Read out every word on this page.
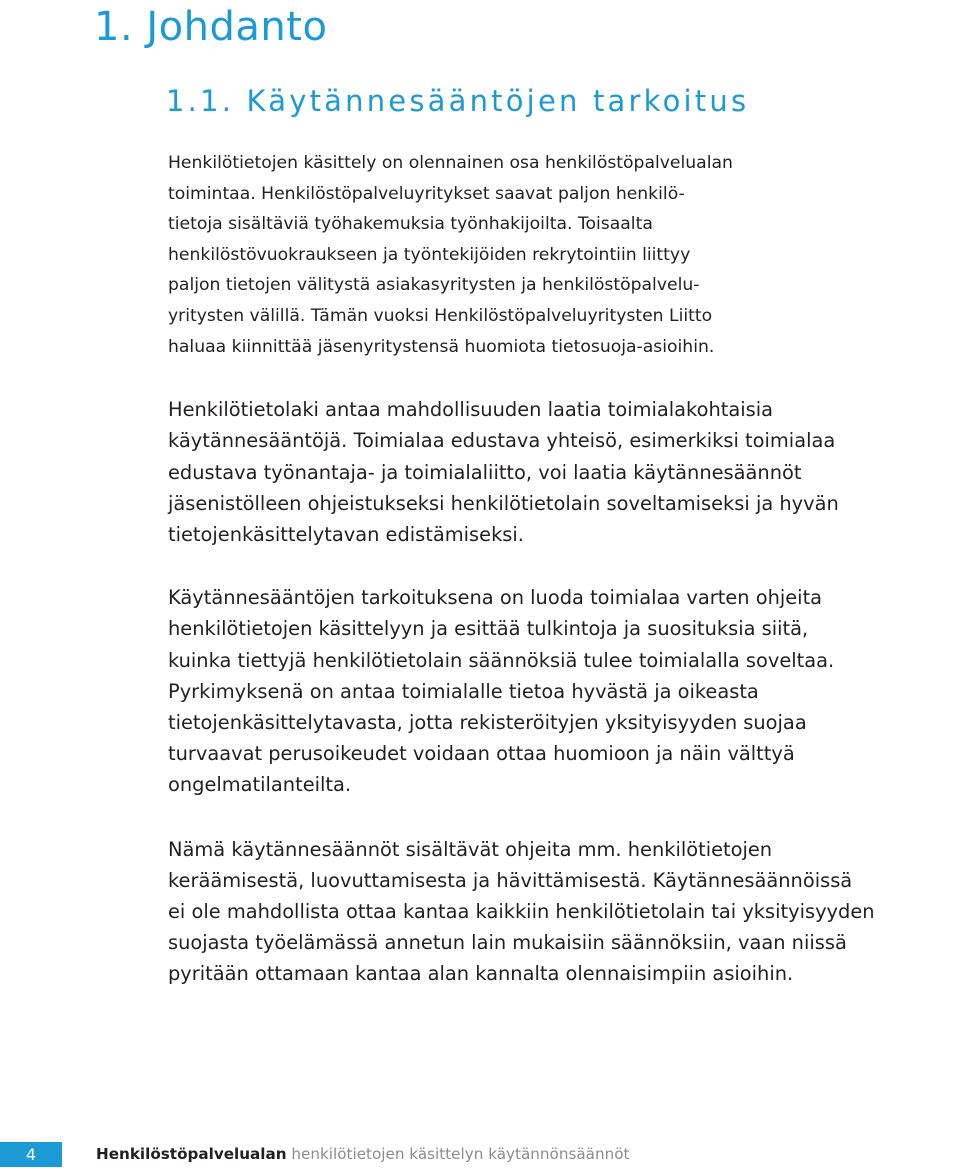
1. Johdanto
1.1. Käytännesääntöjen tarkoitus

Henkilötietojen käsittely on olennainen osa henkilöstöpalvelualan
toimintaa. Henkilöstöpalveluyritykset saavat paljon henkilö-
tietoja sisältäviä työhakemuksia työnhakijoilta. Toisaalta
henkilöstövuokraukseen ja työntekijöiden rekrytointiin liittyy
paljon tietojen välitystä asiakasyritysten ja henkilöstöpalvelu-
yritysten välillä. Tämän vuoksi Henkilöstöpalveluyritysten Liitto
haluaa kiinnittää jäsenyritystensä huomiota tietosuoja-asioihin.

Henkilötietolaki antaa mahdollisuuden laatia toimialakohtaisia
käytännesääntöjä. Toimialaa edustava yhteisö, esimerkiksi toimialaa
edustava työnantaja- ja toimialaliitto, voi laatia käytännesäännöt
jäsenistölleen ohjeistukseksi henkilötietolain soveltamiseksi ja hyvän
tietojenkäsittelytavan edistämiseksi.

Käytännesääntöjen tarkoituksena on luoda toimialaa varten ohjeita
henkilötietojen käsittelyyn ja esittää tulkintoja ja suosituksia siitä,
kuinka tiettyjä henkilötietolain säännöksiä tulee toimialalla soveltaa.
Pyrkimyksenä on antaa toimialalle tietoa hyvästä ja oikeasta
tietojenkäsittelytavasta, jotta rekisteröityjen yksityisyyden suojaa
turvaavat perusoikeudet voidaan ottaa huomioon ja näin välttyä
ongelmatilanteilta.

Nämä käytännesäännöt sisältävät ohjeita mm. henkilötietojen
keräämisestä, luovuttamisesta ja hävittämisestä. Käytännesäännöissä
ei ole mahdollista ottaa kantaa kaikkiin henkilötietolain tai yksityisyyden
suojasta työelämässä annetun lain mukaisiin säännöksiin, vaan niissä
pyritään ottamaan kantaa alan kannalta olennaisimpiin asioihin.

4	Henkilöstöpalvelualan henkilötietojen käsittelyn käytännönsäännöt
